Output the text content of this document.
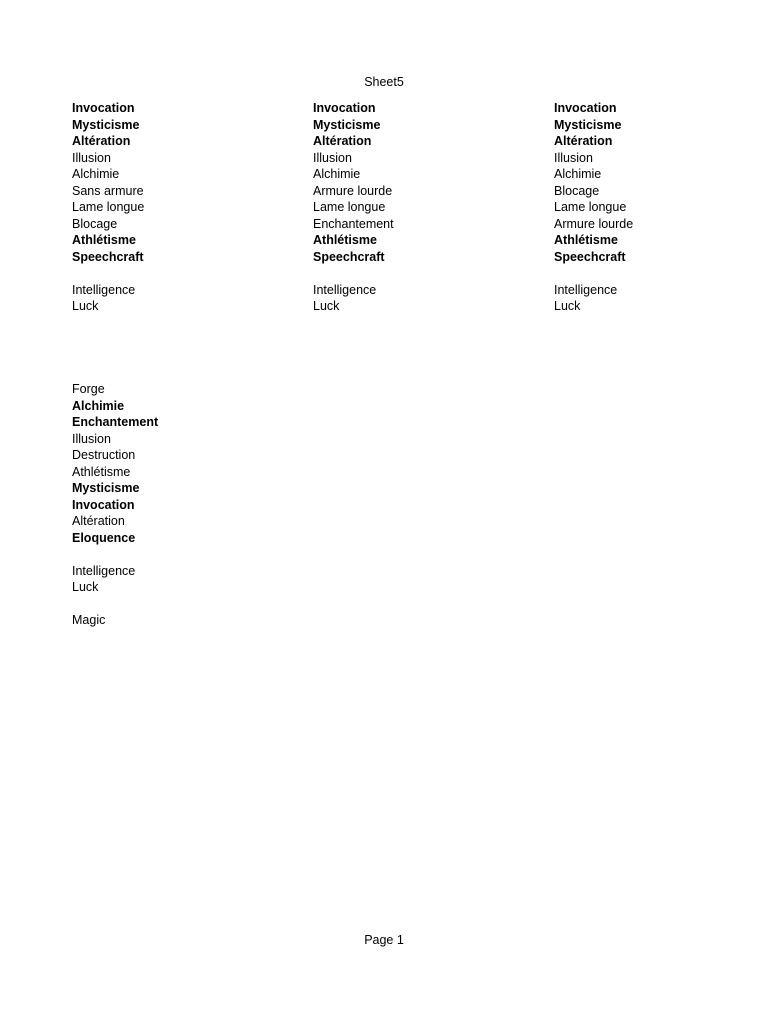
Sheet5
Invocation
Mysticisme
Altération
Illusion
Alchimie
Sans armure
Lame longue
Blocage
Athlétisme
Speechcraft
Intelligence
Luck
Invocation
Mysticisme
Altération
Illusion
Alchimie
Armure lourde
Lame longue
Enchantement
Athlétisme
Speechcraft
Intelligence
Luck
Invocation
Mysticisme
Altération
Illusion
Alchimie
Blocage
Lame longue
Armure lourde
Athlétisme
Speechcraft
Intelligence
Luck
Forge
Alchimie
Enchantement
Illusion
Destruction
Athlétisme
Mysticisme
Invocation
Altération
Eloquence
Intelligence
Luck
Magic
Page 1
